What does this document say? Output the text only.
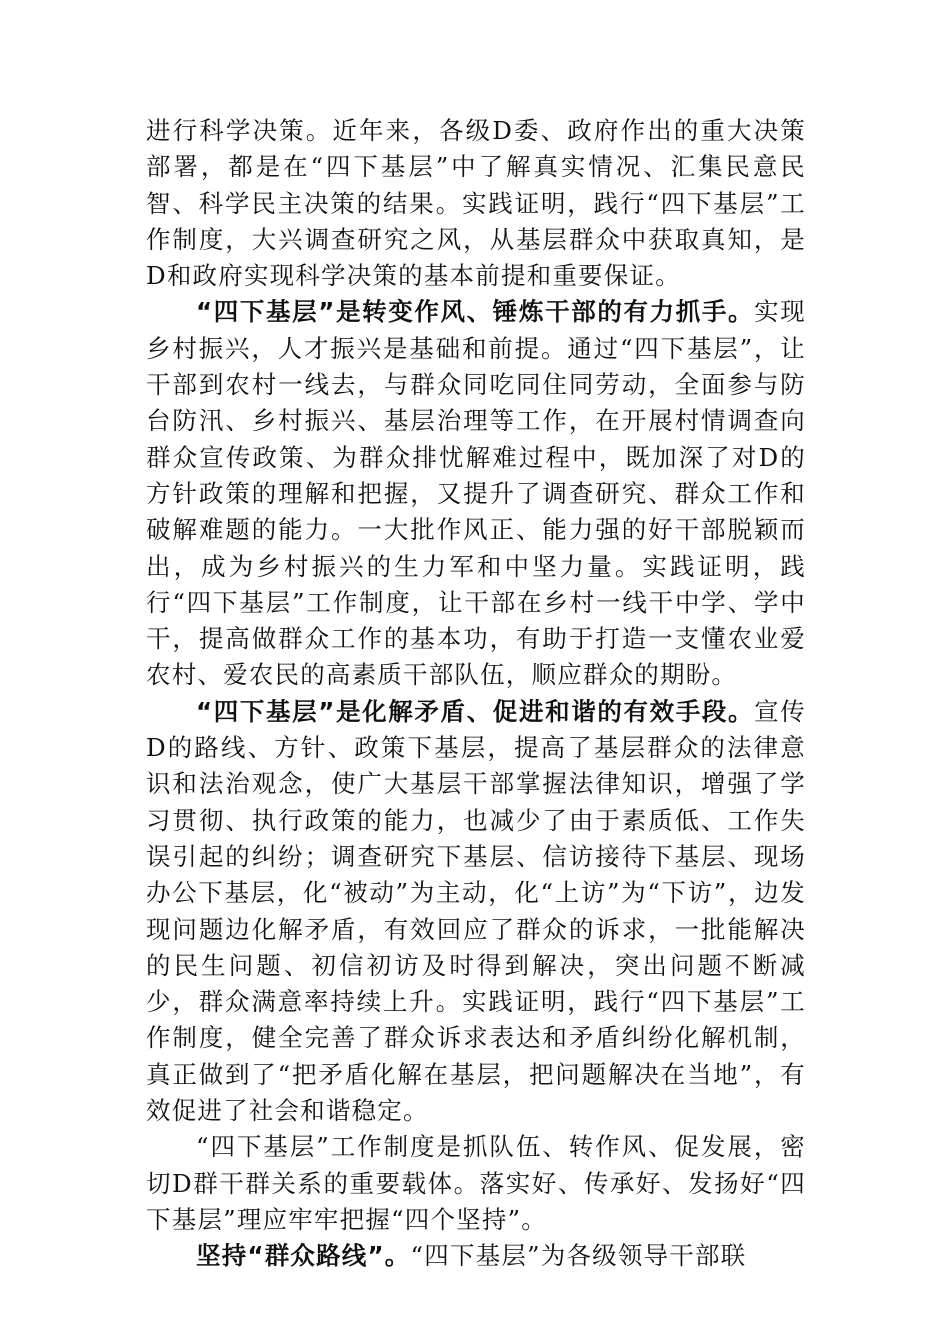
进行科学决策。近年来，各级D委、政府作出的重大决策部署，都是在“四下基层”中了解真实情况、汇集民意民智、科学民主决策的结果。实践证明，践行“四下基层”工作制度，大兴调查研究之风，从基层群众中获取真知，是D和政府实现科学决策的基本前提和重要保证。

“四下基层”是转变作风、锤炼干部的有力抓手。实现乡村振兴，人才振兴是基础和前提。通过“四下基层”，让干部到农村一线去，与群众同吃同住同劳动，全面参与防台防汛、乡村振兴、基层治理等工作，在开展村情调查向群众宣传政策、为群众排忧解难过程中，既加深了对D的方针政策的理解和把握，又提升了调查研究、群众工作和破解难题的能力。一大批作风正、能力强的好干部脱颖而出，成为乡村振兴的生力军和中坚力量。实践证明，践行“四下基层”工作制度，让干部在乡村一线干中学、学中干，提高做群众工作的基本功，有助于打造一支懂农业爱农村、爱农民的高素质干部队伍，顺应群众的期盼。

“四下基层”是化解矛盾、促进和谐的有效手段。宣传D的路线、方针、政策下基层，提高了基层群众的法律意识和法治观念，使广大基层干部掌握法律知识，增强了学习贯彻、执行政策的能力，也减少了由于素质低、工作失误引起的纠纷；调查研究下基层、信访接待下基层、现场办公下基层，化“被动”为主动，化“上访”为“下访”，边发现问题边化解矛盾，有效回应了群众的诉求，一批能解决的民生问题、初信初访及时得到解决，突出问题不断减少，群众满意率持续上升。实践证明，践行“四下基层”工作制度，健全完善了群众诉求表达和矛盾纠纷化解机制，真正做到了“把矛盾化解在基层，把问题解决在当地”，有效促进了社会和谐稳定。

“四下基层”工作制度是抓队伍、转作风、促发展，密切D群干群关系的重要载体。落实好、传承好、发扬好“四下基层”理应牢牢把握“四个坚持”。

坚持“群众路线”。“四下基层”为各级领导干部联
